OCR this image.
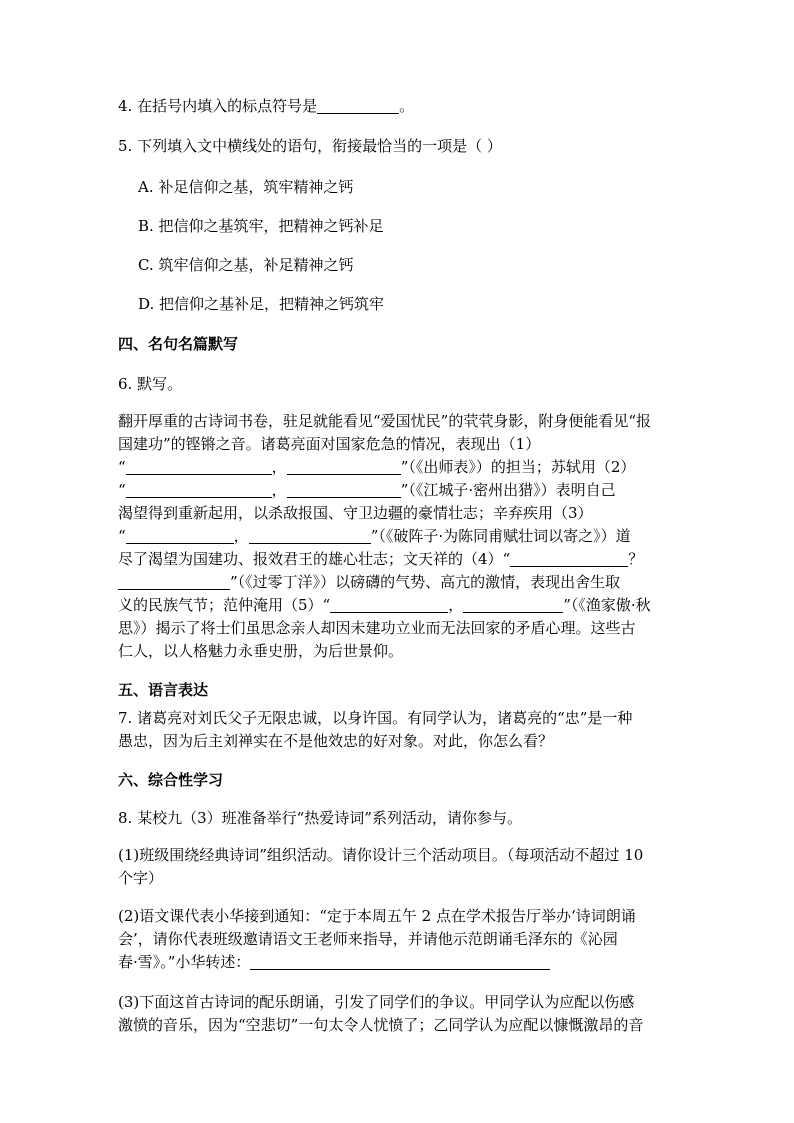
4. 在括号内填入的标点符号是	。
5. 下列填入文中横线处的语句，衔接最恰当的一项是（ ）
A. 补足信仰之基，筑牢精神之钙
B. 把信仰之基筑牢，把精神之钙补足
C. 筑牢信仰之基，补足精神之钙
D. 把信仰之基补足，把精神之钙筑牢
四、名句名篇默写
6. 默写。
翻开厚重的古诗词书卷，驻足就能看见“爱国忧民”的茕茕身影，附身便能看见“报
国建功”的铿锵之音。诸葛亮面对国家危急的情况，表现出（1）
“	，	”（《出师表》）的担当；苏轼用（2）
“	，	”（《江城子·密州出猎》）表明自己
渴望得到重新起用，以杀敌报国、守卫边疆的豪情壮志；辛弃疾用（3）
“	，	”（《破阵子·为陈同甫赋壮词以寄之》）道
尽了渴望为国建功、报效君王的雄心壮志；文天祥的（4）“	？
”（《过零丁洋》）以磅礴的气势、高亢的激情，表现出舍生取
义的民族气节；范仲淹用（5）“	，	”（《渔家傲·秋
思》）揭示了将士们虽思念亲人却因未建功立业而无法回家的矛盾心理。这些古
仁人，以人格魅力永垂史册，为后世景仰。
五、语言表达
7. 诸葛亮对刘氏父子无限忠诚，以身许国。有同学认为，诸葛亮的“忠”是一种
愚忠，因为后主刘禅实在不是他效忠的好对象。对此，你怎么看？
六、综合性学习
8. 某校九（3）班准备举行“热爱诗词”系列活动，请你参与。
(1)班级围绕经典诗词”组织活动。请你设计三个活动项目。（每项活动不超过 10
个字）
(2)语文课代表小华接到通知：“定于本周五午 2 点在学术报告厅举办‘诗词朗诵
会’，请你代表班级邀请语文王老师来指导，并请他示范朗诵毛泽东的《沁园
春·雪》。”小华转述：
(3)下面这首古诗词的配乐朗诵，引发了同学们的争议。甲同学认为应配以伤感
激愤的音乐，因为“空悲切”一句太令人忧愤了；乙同学认为应配以慷慨激昂的音
